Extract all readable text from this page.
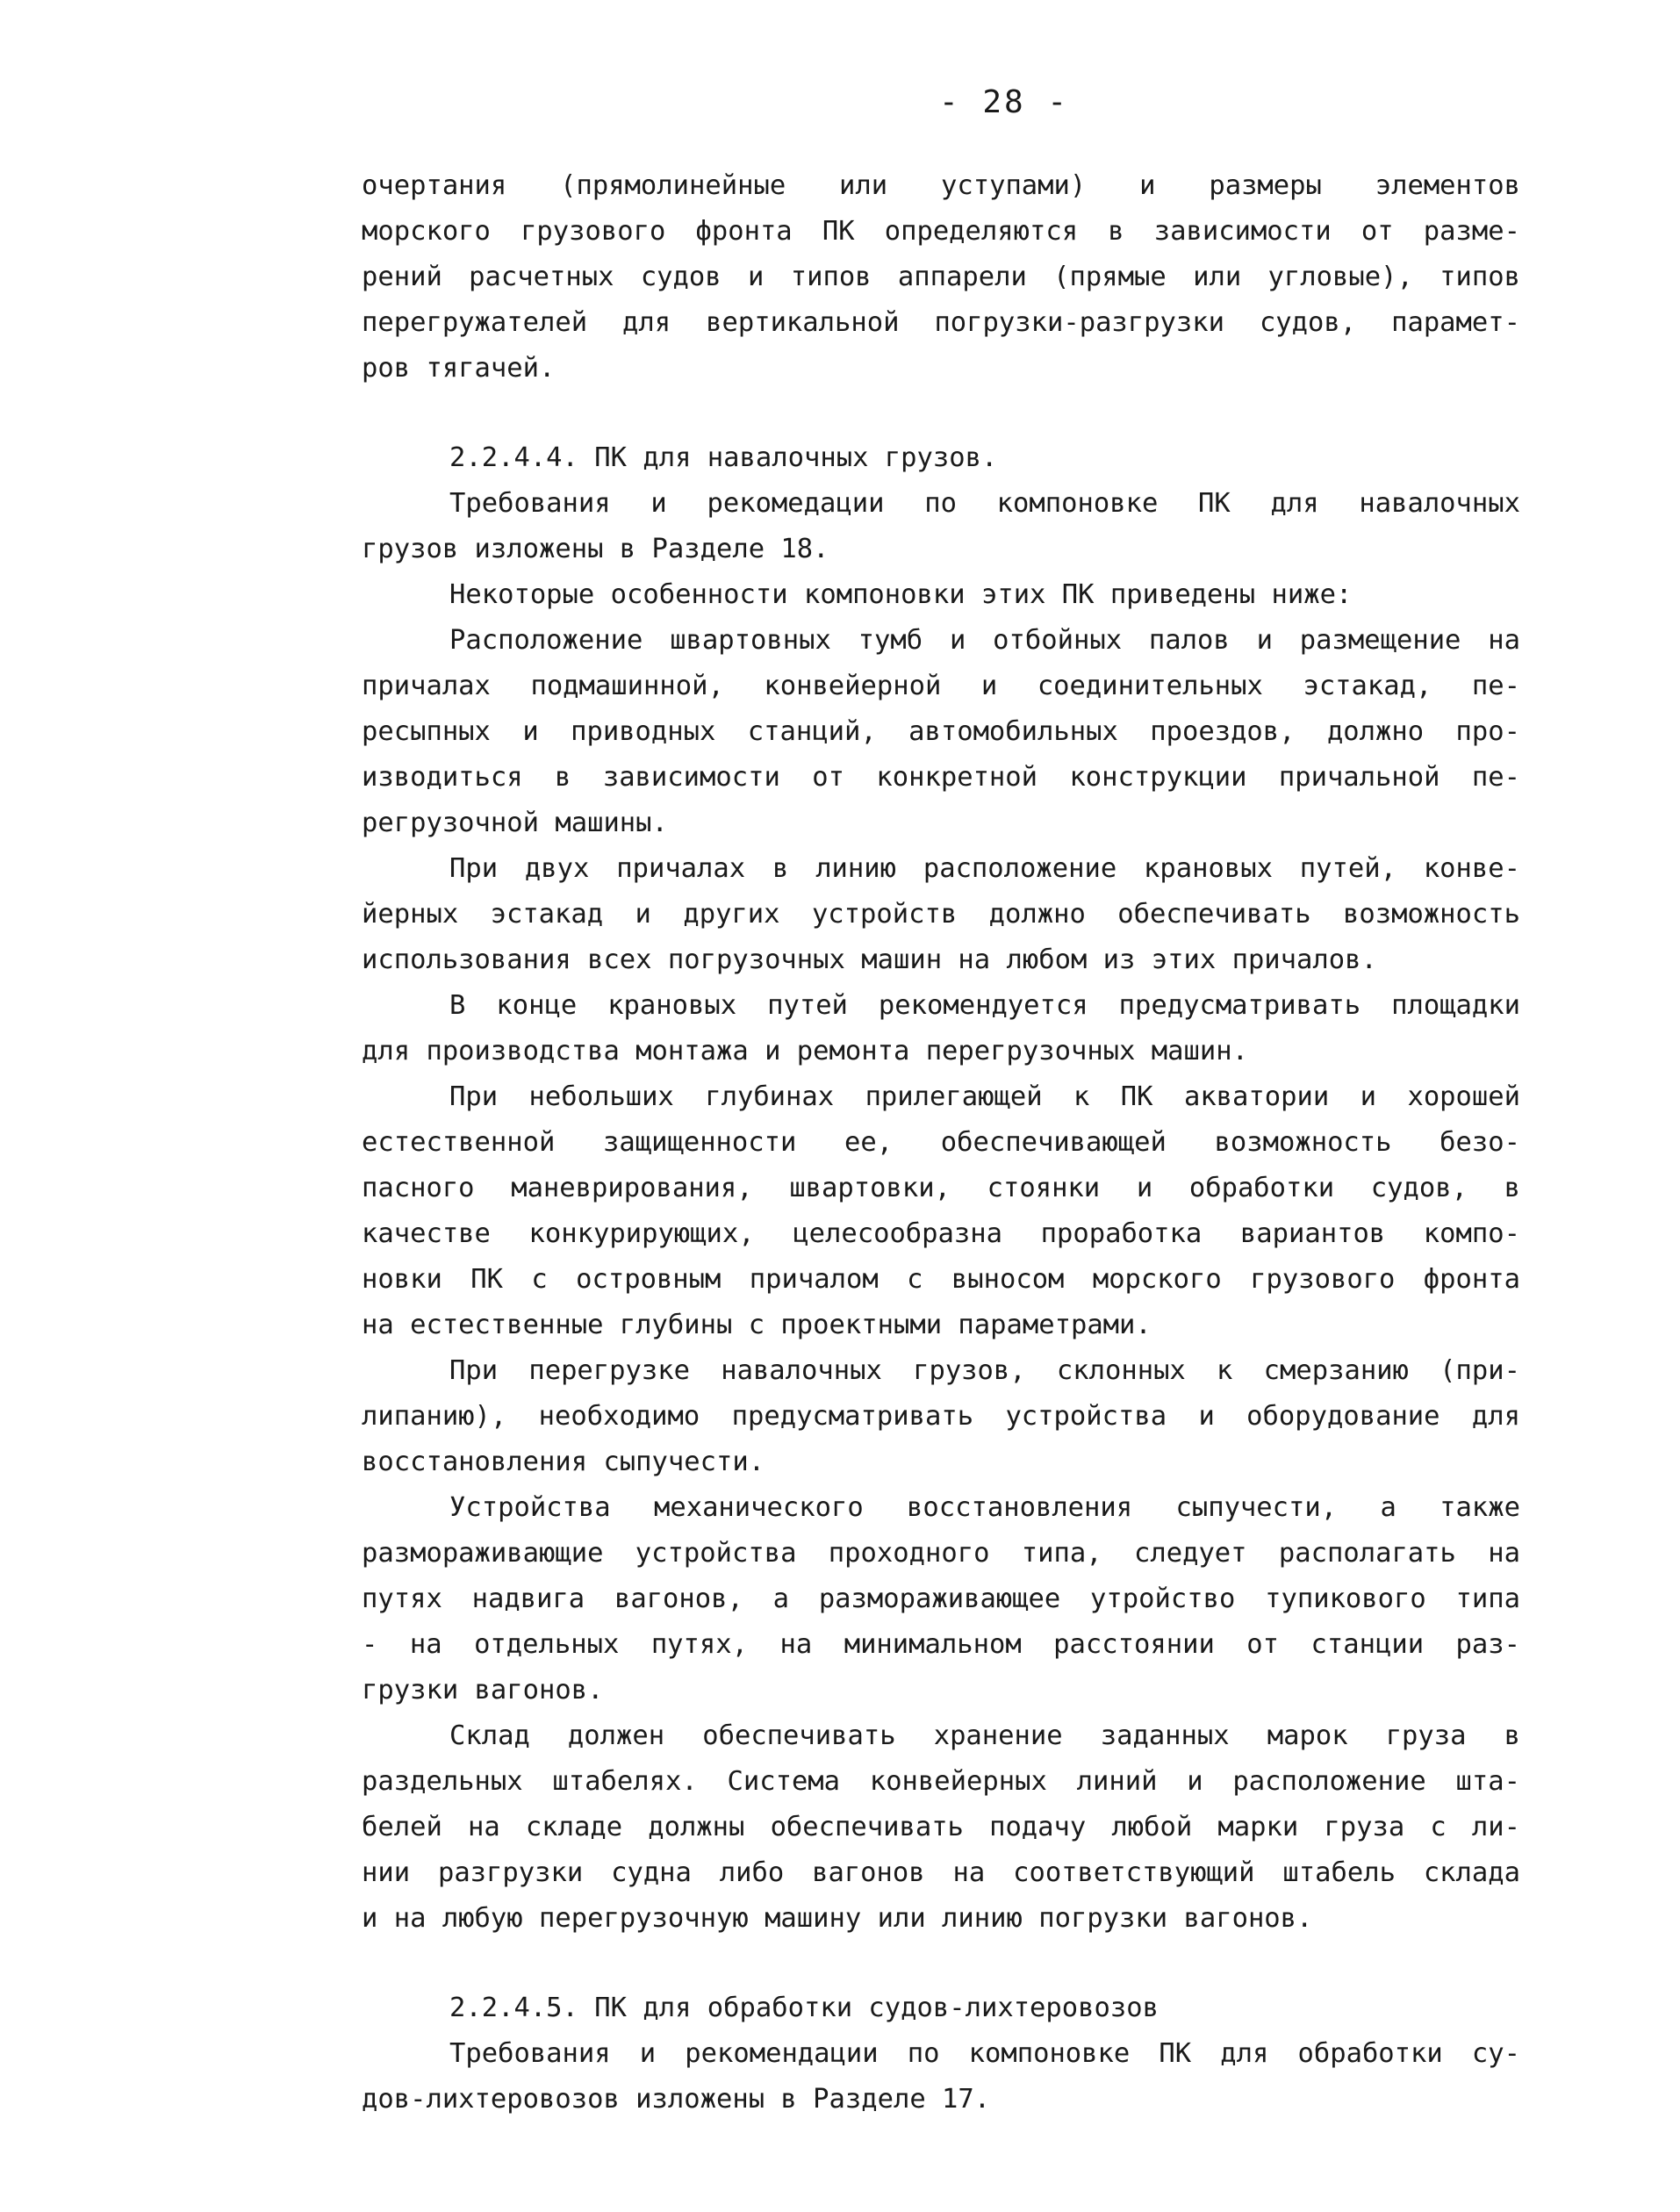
- 28 -
очертания (прямолинейные или уступами) и размеры элементов
морского грузового фронта ПК определяются в зависимости от разме-
рений расчетных судов и типов аппарели (прямые или угловые), типов
перегружателей для вертикальной погрузки-разгрузки судов, парамет-
ров тягачей.
2.2.4.4. ПК для навалочных грузов.
Требования и рекомедации по компоновке ПК для навалочных
грузов изложены в Разделе 18.
Некоторые особенности компоновки этих ПК приведены ниже:
Расположение швартовных тумб и отбойных палов и размещение на
причалах подмашинной, конвейерной и соединительных эстакад, пе-
ресыпных и приводных станций, автомобильных проездов, должно про-
изводиться в зависимости от конкретной конструкции причальной пе-
регрузочной машины.
При двух причалах в линию расположение крановых путей, конве-
йерных эстакад и других устройств должно обеспечивать возможность
использования всех погрузочных машин на любом из этих причалов.
В конце крановых путей рекомендуется предусматривать площадки
для производства монтажа и ремонта перегрузочных машин.
При небольших глубинах прилегающей к ПК акватории и хорошей
естественной защищенности ее, обеспечивающей возможность безо-
пасного маневрирования, швартовки, стоянки и обработки судов, в
качестве конкурирующих, целесообразна проработка вариантов компо-
новки ПК с островным причалом с выносом морского грузового фронта
на естественные глубины с проектными параметрами.
При перегрузке навалочных грузов, склонных к смерзанию (при-
липанию), необходимо предусматривать устройства и оборудование для
восстановления сыпучести.
Устройства механического восстановления сыпучести, а также
размораживающие устройства проходного типа, следует располагать на
путях надвига вагонов, а размораживающее утройство тупикового типа
- на отдельных путях, на минимальном расстоянии от станции раз-
грузки вагонов.
Склад должен обеспечивать хранение заданных марок груза в
раздельных штабелях. Система конвейерных линий и расположение шта-
белей на складе должны обеспечивать подачу любой марки груза с ли-
нии разгрузки судна либо вагонов на соответствующий штабель склада
и на любую перегрузочную машину или линию погрузки вагонов.
2.2.4.5. ПК для обработки судов-лихтеровозов
Требования и рекомендации по компоновке ПК для обработки су-
дов-лихтеровозов изложены в Разделе 17.
